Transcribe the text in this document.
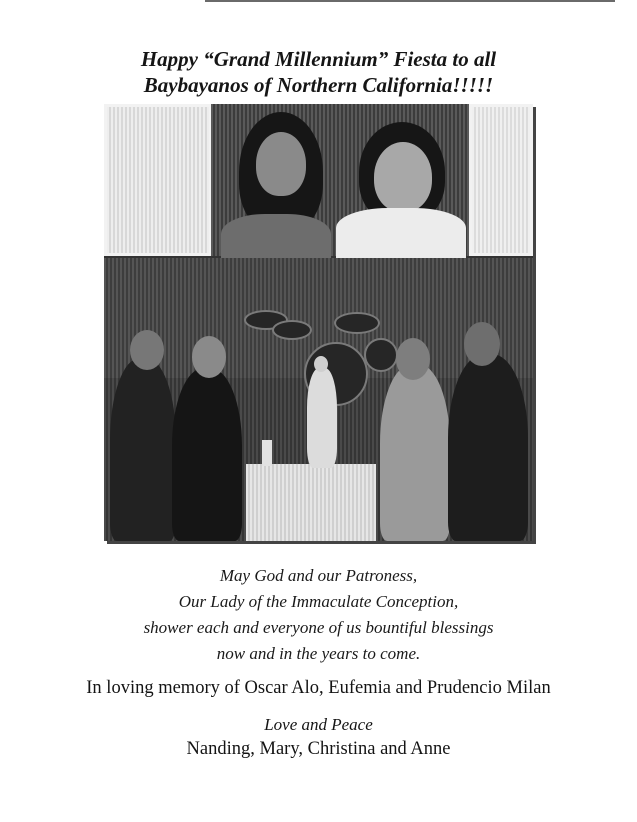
Happy “Grand Millennium” Fiesta to all
Baybayanos of Northern California!!!!!
May God and our Patroness,
Our Lady of the Immaculate Conception,
shower each and everyone of us bountiful blessings
now and in the years to come.
In loving memory of Oscar Alo, Eufemia and Prudencio Milan
Love and Peace
Nanding, Mary, Christina and Anne
